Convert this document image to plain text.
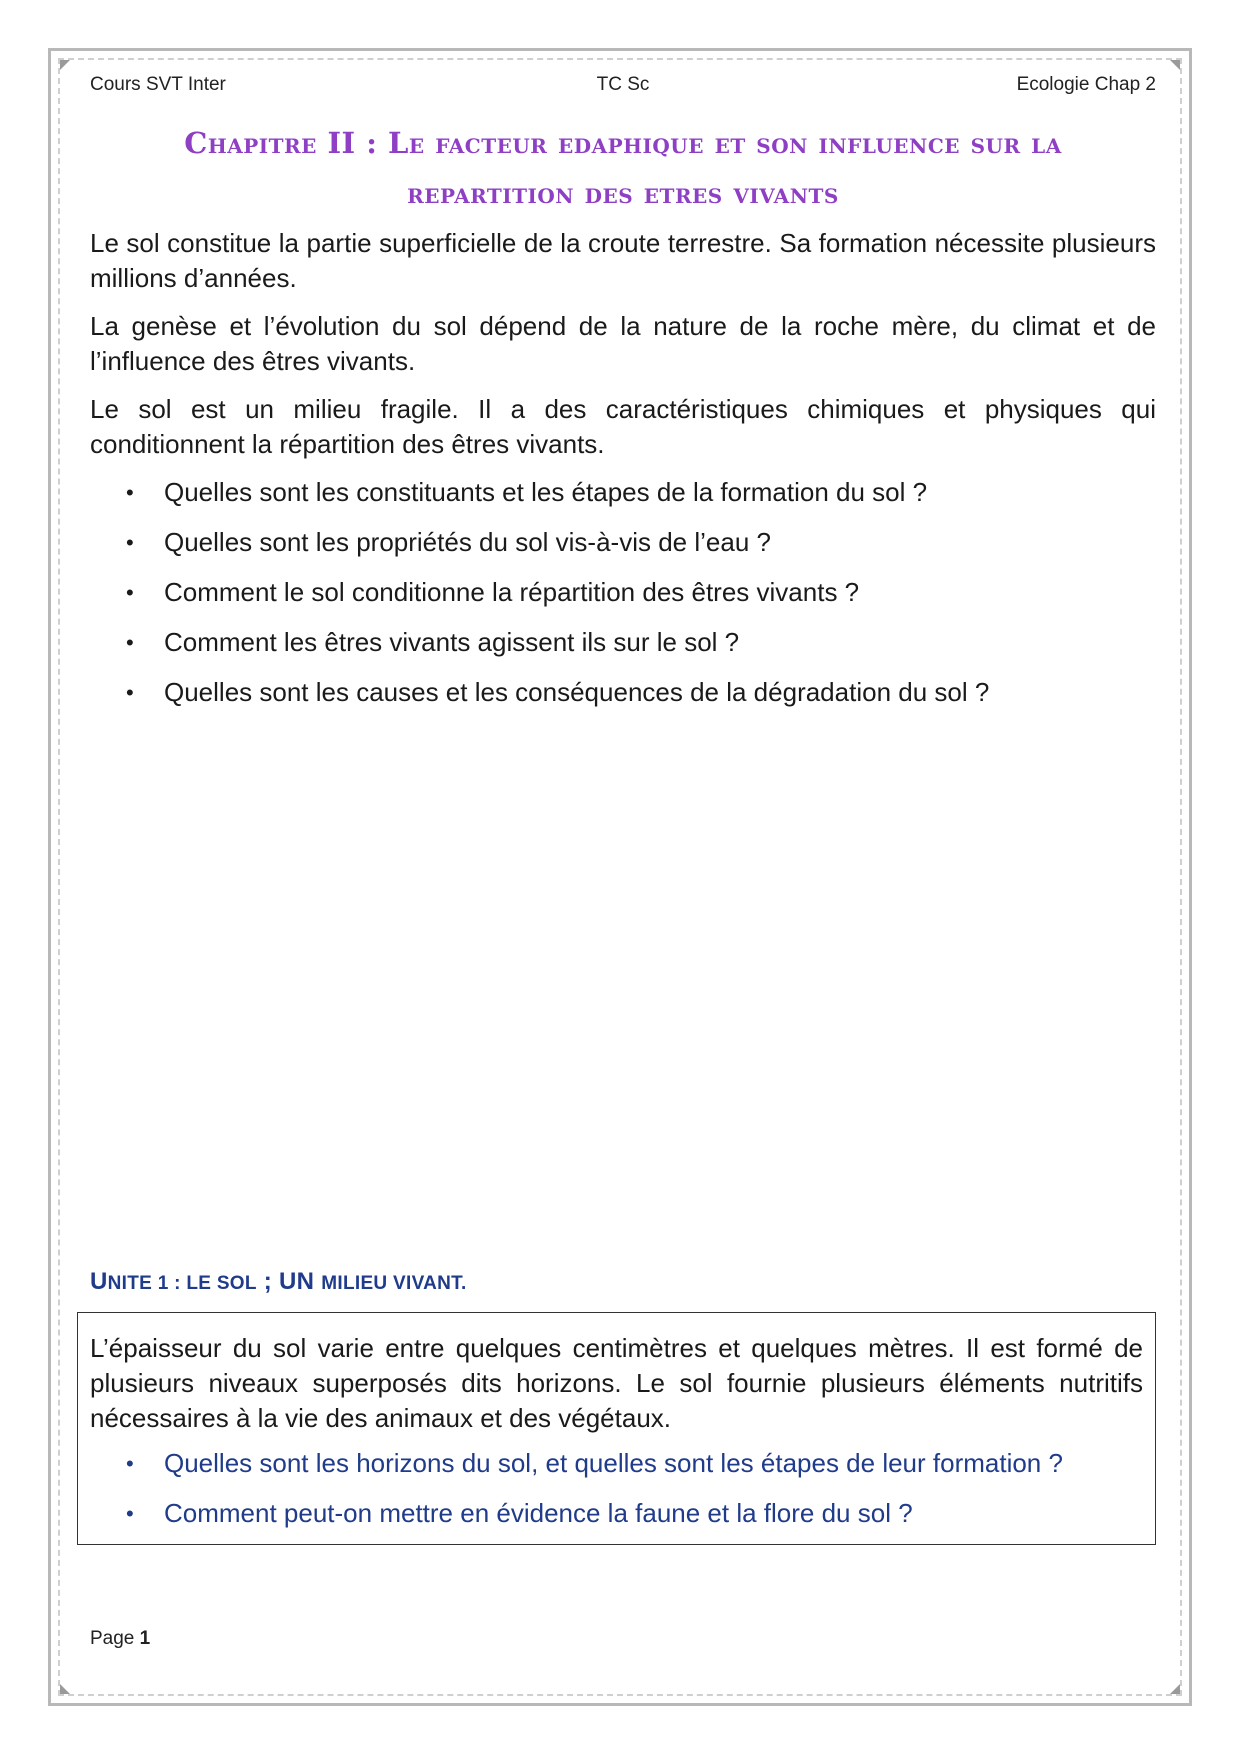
Cours SVT Inter	TC Sc	Ecologie Chap 2
Chapitre II : Le facteur edaphique et son influence sur la
repartition des etres vivants

Le sol constitue la partie superficielle de la croute terrestre. Sa formation nécessite plusieurs millions d’années.

La genèse et l’évolution du sol dépend de la nature de la roche mère, du climat et de l’influence des êtres vivants.

Le sol est un milieu fragile. Il a des caractéristiques chimiques et physiques qui conditionnent la répartition des êtres vivants.

• Quelles sont les constituants et les étapes de la formation du sol ?
• Quelles sont les propriétés du sol vis-à-vis de l’eau ?
• Comment le sol conditionne la répartition des êtres vivants ?
• Comment les êtres vivants agissent ils sur le sol ?
• Quelles sont les causes et les conséquences de la dégradation du sol ?
UNITE 1 : LE SOL ; UN MILIEU VIVANT.

L’épaisseur du sol varie entre quelques centimètres et quelques mètres. Il est formé de plusieurs niveaux superposés dits horizons. Le sol fournie plusieurs éléments nutritifs nécessaires à la vie des animaux et des végétaux.

• Quelles sont les horizons du sol, et quelles sont les étapes de leur formation ?
• Comment peut-on mettre en évidence la faune et la flore du sol ?
Page 1
